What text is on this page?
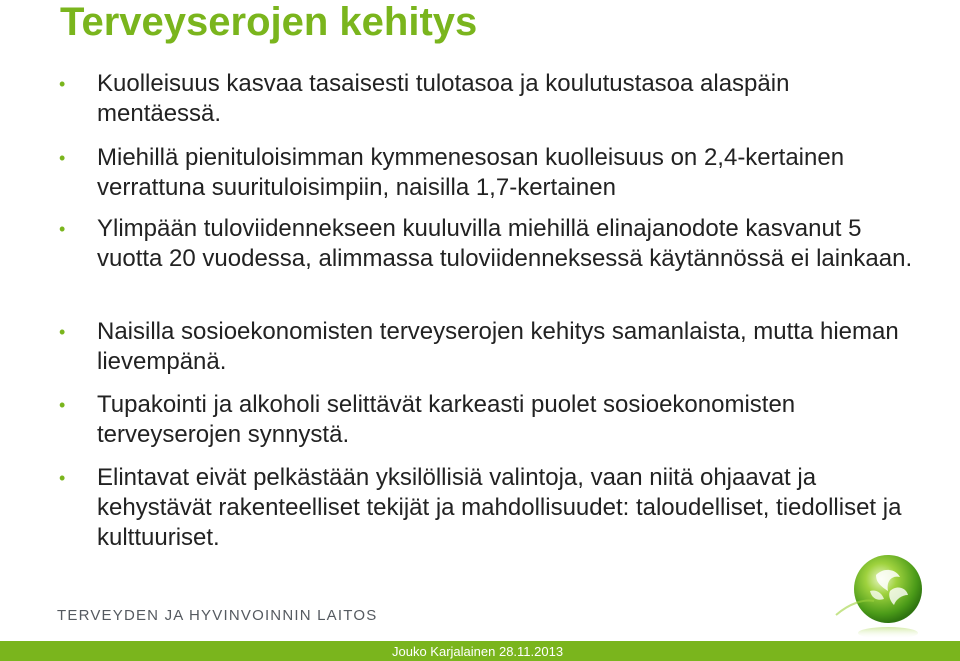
Terveyserojen kehitys
• Kuolleisuus kasvaa tasaisesti tulotasoa ja koulutustasoa alaspäin mentäessä.
• Miehillä pienituloisimman kymmenesosan kuolleisuus on 2,4-kertainen verrattuna suurituloisimpiin, naisilla 1,7-kertainen
• Ylimpään tuloviidennekseen kuuluvilla miehillä elinajanodote kasvanut 5 vuotta 20 vuodessa, alimmassa tuloviidenneksessä käytännössä ei lainkaan.
• Naisilla sosioekonomisten terveyserojen kehitys samanlaista, mutta hieman lievempänä.
• Tupakointi ja alkoholi selittävät karkeasti puolet sosioekonomisten terveyserojen synnystä.
• Elintavat eivät pelkästään yksilöllisiä valintoja, vaan niitä ohjaavat ja kehystävät rakenteelliset tekijät ja mahdollisuudet: taloudelliset, tiedolliset ja kulttuuriset.
TERVEYDEN JA HYVINVOINNIN LAITOS
Jouko Karjalainen 28.11.2013
